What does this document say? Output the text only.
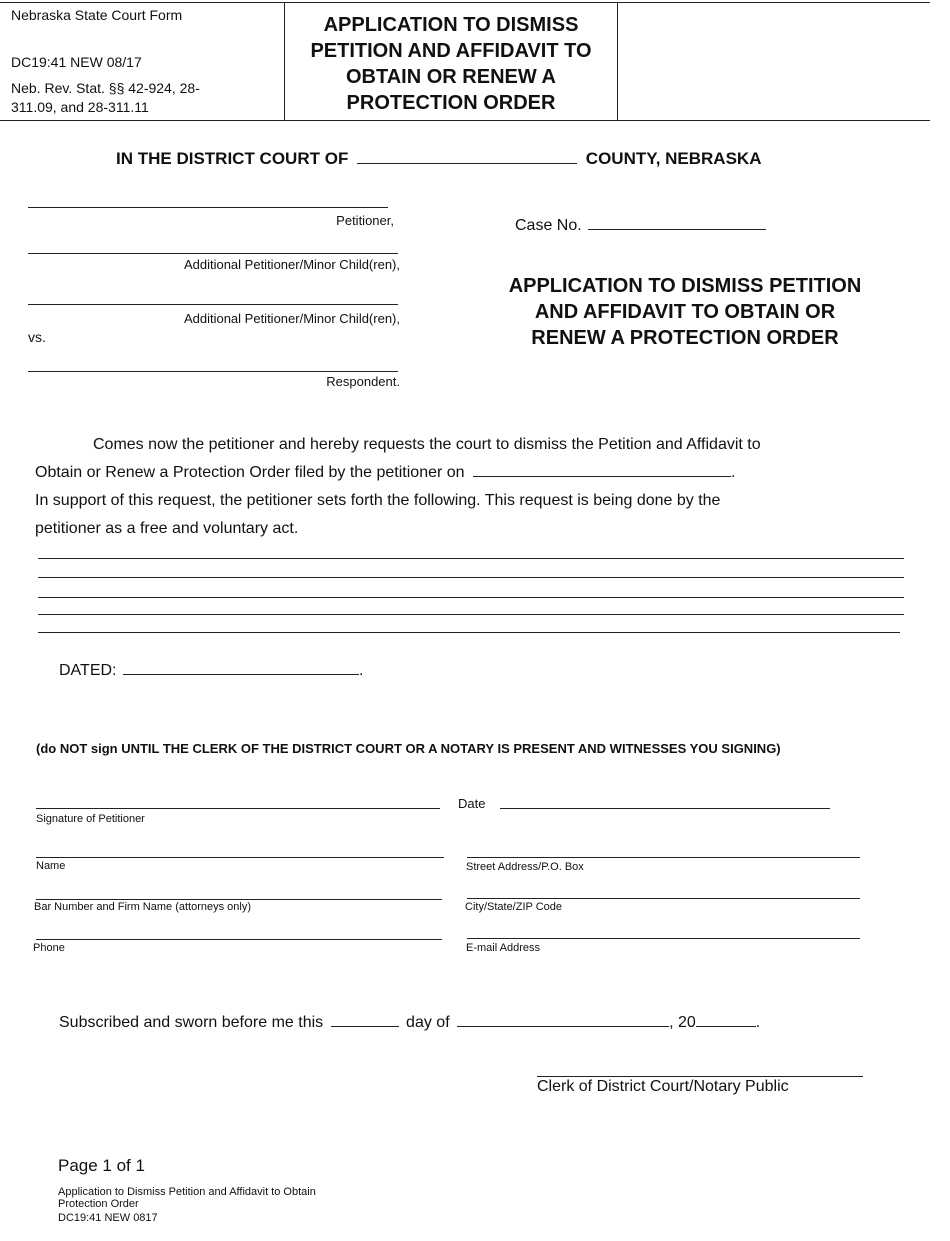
Nebraska State Court Form
DC19:41 NEW 08/17
Neb. Rev. Stat. §§ 42-924, 28-311.09, and 28-311.11
APPLICATION TO DISMISS PETITION AND AFFIDAVIT TO OBTAIN OR RENEW A PROTECTION ORDER
IN THE DISTRICT COURT OF	COUNTY, NEBRASKA
Petitioner,
Additional Petitioner/Minor Child(ren),
Additional Petitioner/Minor Child(ren),
vs.
Respondent.
Case No.
APPLICATION TO DISMISS PETITION
AND AFFIDAVIT TO OBTAIN OR
RENEW A PROTECTION ORDER
Comes now the petitioner and hereby requests the court to dismiss the Petition and Affidavit to
Obtain or Renew a Protection Order filed by the petitioner on	.
In support of this request, the petitioner sets forth the following. This request is being done by the
petitioner as a free and voluntary act.
DATED:	.
(do NOT sign UNTIL THE CLERK OF THE DISTRICT COURT OR A NOTARY IS PRESENT AND WITNESSES YOU SIGNING)
Signature of Petitioner
Date
Name	Street Address/P.O. Box
Bar Number and Firm Name (attorneys only)	City/State/ZIP Code
Phone	E-mail Address
Subscribed and sworn before me this	day of	, 20	.
Clerk of District Court/Notary Public
Page 1 of 1
Application to Dismiss Petition and Affidavit to Obtain Protection Order
DC19:41 NEW 0817
